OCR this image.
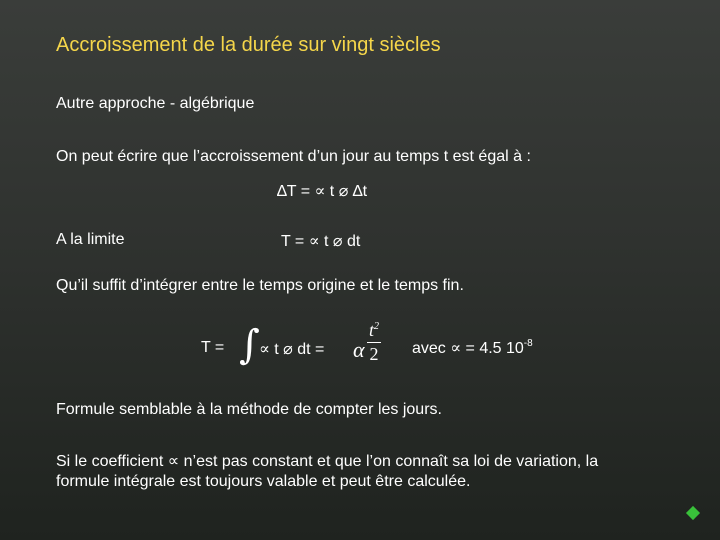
Accroissement de la durée sur vingt siècles
Autre approche - algébrique
On peut écrire que l’accroissement d’un jour au temps t est égal à :
∆T = ∝ t ⌀ ∆t
A la limite	T = ∝ t ⌀ dt
Qu’il suffit d’intégrer entre le temps origine et le temps fin.
T = ∫ ∝ t ⌀ dt = α $\frac{t^2}{2}$ avec ∝ = 4.5 $10^{-8}$
Formule semblable à la méthode de compter les jours.
Si le coefficient ∝ n’est pas constant et que l’on connaît sa loi de variation, la
formule intégrale est toujours valable et peut être calculée.
